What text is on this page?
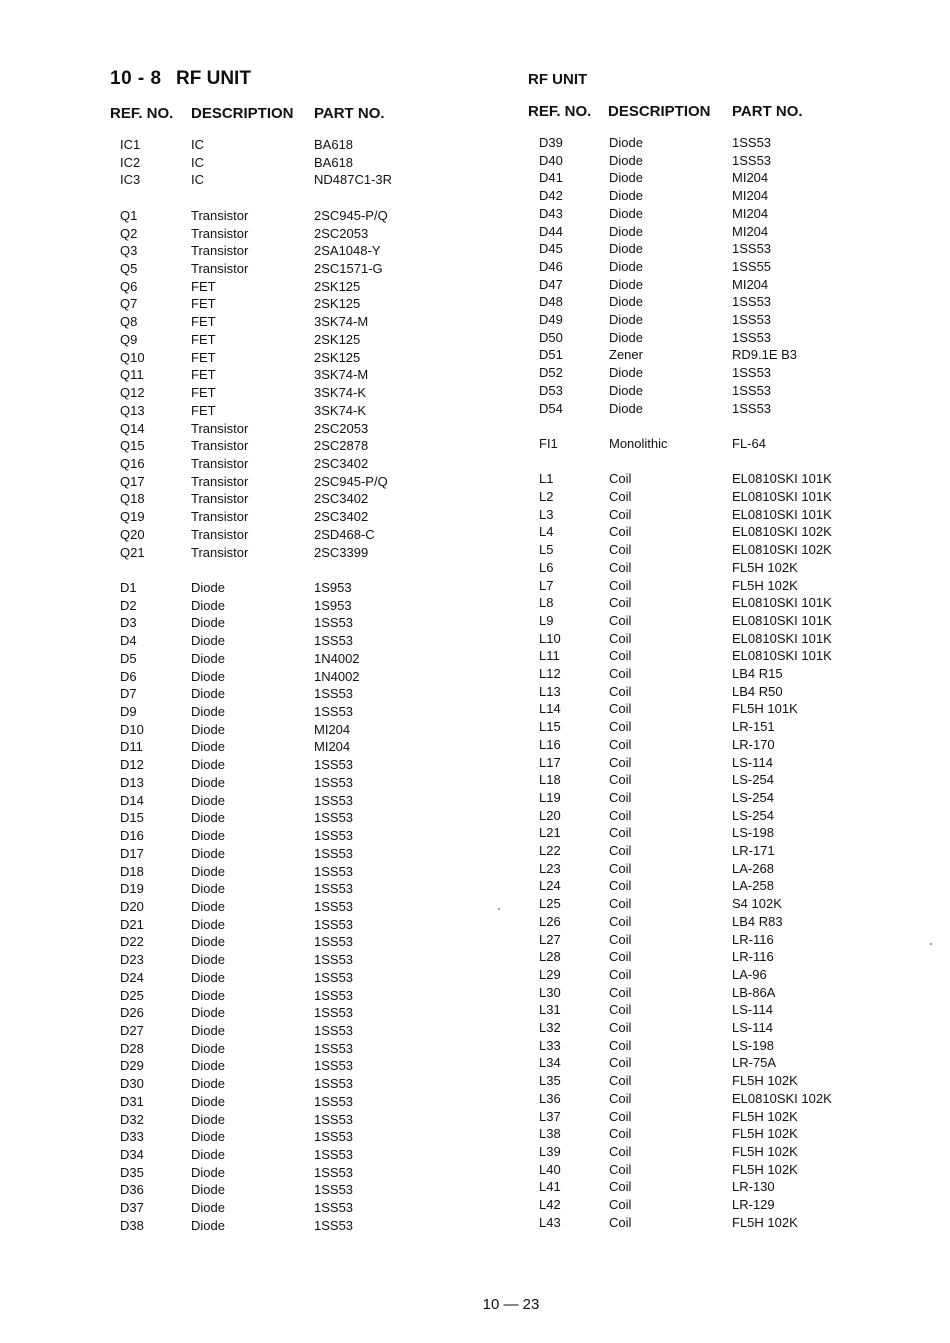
10 - 8 RF UNIT	RF UNIT
REF. NO. DESCRIPTION PART NO.	REF. NO. DESCRIPTION PART NO.
IC1	IC	BA618
IC2	IC	BA618
IC3	IC	ND487C1-3R
Q1	Transistor	2SC945-P/Q
Q2	Transistor	2SC2053
Q3	Transistor	2SA1048-Y
Q5	Transistor	2SC1571-G
Q6	FET	2SK125
Q7	FET	2SK125
Q8	FET	3SK74-M
Q9	FET	2SK125
Q10	FET	2SK125
Q11	FET	3SK74-M
Q12	FET	3SK74-K
Q13	FET	3SK74-K
Q14	Transistor	2SC2053
Q15	Transistor	2SC2878
Q16	Transistor	2SC3402
Q17	Transistor	2SC945-P/Q
Q18	Transistor	2SC3402
Q19	Transistor	2SC3402
Q20	Transistor	2SD468-C
Q21	Transistor	2SC3399
D1	Diode	1S953
D2	Diode	1S953
D3	Diode	1SS53
D4	Diode	1SS53
D5	Diode	1N4002
D6	Diode	1N4002
D7	Diode	1SS53
D9	Diode	1SS53
D10	Diode	MI204
D11	Diode	MI204
D12	Diode	1SS53
D13	Diode	1SS53
D14	Diode	1SS53
D15	Diode	1SS53
D16	Diode	1SS53
D17	Diode	1SS53
D18	Diode	1SS53
D19	Diode	1SS53
D20	Diode	1SS53
D21	Diode	1SS53
D22	Diode	1SS53
D23	Diode	1SS53
D24	Diode	1SS53
D25	Diode	1SS53
D26	Diode	1SS53
D27	Diode	1SS53
D28	Diode	1SS53
D29	Diode	1SS53
D30	Diode	1SS53
D31	Diode	1SS53
D32	Diode	1SS53
D33	Diode	1SS53
D34	Diode	1SS53
D35	Diode	1SS53
D36	Diode	1SS53
D37	Diode	1SS53
D38	Diode	1SS53
D39	Diode	1SS53
D40	Diode	1SS53
D41	Diode	MI204
D42	Diode	MI204
D43	Diode	MI204
D44	Diode	MI204
D45	Diode	1SS53
D46	Diode	1SS55
D47	Diode	MI204
D48	Diode	1SS53
D49	Diode	1SS53
D50	Diode	1SS53
D51	Zener	RD9.1E B3
D52	Diode	1SS53
D53	Diode	1SS53
D54	Diode	1SS53
FI1	Monolithic	FL-64
L1	Coil	EL0810SKI 101K
L2	Coil	EL0810SKI 101K
L3	Coil	EL0810SKI 101K
L4	Coil	EL0810SKI 102K
L5	Coil	EL0810SKI 102K
L6	Coil	FL5H 102K
L7	Coil	FL5H 102K
L8	Coil	EL0810SKI 101K
L9	Coil	EL0810SKI 101K
L10	Coil	EL0810SKI 101K
L11	Coil	EL0810SKI 101K
L12	Coil	LB4 R15
L13	Coil	LB4 R50
L14	Coil	FL5H 101K
L15	Coil	LR-151
L16	Coil	LR-170
L17	Coil	LS-114
L18	Coil	LS-254
L19	Coil	LS-254
L20	Coil	LS-254
L21	Coil	LS-198
L22	Coil	LR-171
L23	Coil	LA-268
L24	Coil	LA-258
L25	Coil	S4 102K
L26	Coil	LB4 R83
L27	Coil	LR-116
L28	Coil	LR-116
L29	Coil	LA-96
L30	Coil	LB-86A
L31	Coil	LS-114
L32	Coil	LS-114
L33	Coil	LS-198
L34	Coil	LR-75A
L35	Coil	FL5H 102K
L36	Coil	EL0810SKI 102K
L37	Coil	FL5H 102K
L38	Coil	FL5H 102K
L39	Coil	FL5H 102K
L40	Coil	FL5H 102K
L41	Coil	LR-130
L42	Coil	LR-129
L43	Coil	FL5H 102K
10 — 23
